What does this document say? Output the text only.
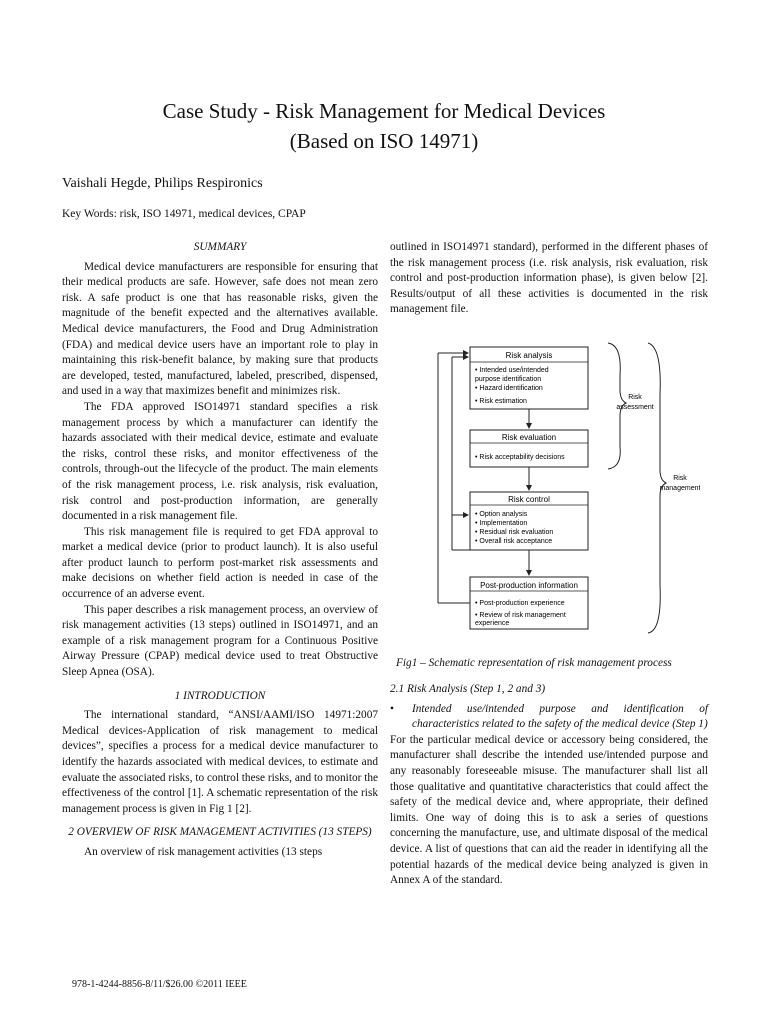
Case Study - Risk Management for Medical Devices
(Based on ISO 14971)
Vaishali Hegde, Philips Respironics
Key Words: risk, ISO 14971, medical devices, CPAP
SUMMARY

Medical device manufacturers are responsible for ensuring that their medical products are safe. However, safe does not mean zero risk. A safe product is one that has reasonable risks, given the magnitude of the benefit expected and the alternatives available. Medical device manufacturers, the Food and Drug Administration (FDA) and medical device users have an important role to play in maintaining this risk-benefit balance, by making sure that products are developed, tested, manufactured, labeled, prescribed, dispensed, and used in a way that maximizes benefit and minimizes risk.

The FDA approved ISO14971 standard specifies a risk management process by which a manufacturer can identify the hazards associated with their medical device, estimate and evaluate the risks, control these risks, and monitor effectiveness of the controls, through-out the lifecycle of the product. The main elements of the risk management process, i.e. risk analysis, risk evaluation, risk control and post-production information, are generally documented in a risk management file.

This risk management file is required to get FDA approval to market a medical device (prior to product launch). It is also useful after product launch to perform post-market risk assessments and make decisions on whether field action is needed in case of the occurrence of an adverse event.

This paper describes a risk management process, an overview of risk management activities (13 steps) outlined in ISO14971, and an example of a risk management program for a Continuous Positive Airway Pressure (CPAP) medical device used to treat Obstructive Sleep Apnea (OSA).

1 INTRODUCTION

The international standard, “ANSI/AAMI/ISO 14971:2007 Medical devices-Application of risk management to medical devices”, specifies a process for a medical device manufacturer to identify the hazards associated with medical devices, to estimate and evaluate the associated risks, to control these risks, and to monitor the effectiveness of the control [1]. A schematic representation of the risk management process is given in Fig 1 [2].

2 OVERVIEW OF RISK MANAGEMENT ACTIVITIES (13 STEPS)

An overview of risk management activities (13 steps

outlined in ISO14971 standard), performed in the different phases of the risk management process (i.e. risk analysis, risk evaluation, risk control and post-production information phase), is given below [2]. Results/output of all these activities is documented in the risk management file.

Risk analysis
• Intended use/intended
purpose identification
• Hazard identification
• Risk estimation
Risk evaluation
• Risk acceptability decisions
Risk control
• Option analysis
• Implementation
• Residual risk evaluation
• Overall risk acceptance
Post-production information
• Post-production experience
• Review of risk management
experience
Risk
assessment
Risk
management
Fig1 – Schematic representation of risk management process
2.1 Risk Analysis (Step 1, 2 and 3)
•	Intended use/intended purpose and identification of characteristics related to the safety of the medical device (Step 1)
For the particular medical device or accessory being considered, the manufacturer shall describe the intended use/intended purpose and any reasonably foreseeable misuse. The manufacturer shall list all those qualitative and quantitative characteristics that could affect the safety of the medical device and, where appropriate, their defined limits. One way of doing this is to ask a series of questions concerning the manufacture, use, and ultimate disposal of the medical device. A list of questions that can aid the reader in identifying all the potential hazards of the medical device being analyzed is given in Annex A of the standard.
978-1-4244-8856-8/11/$26.00 ©2011 IEEE
